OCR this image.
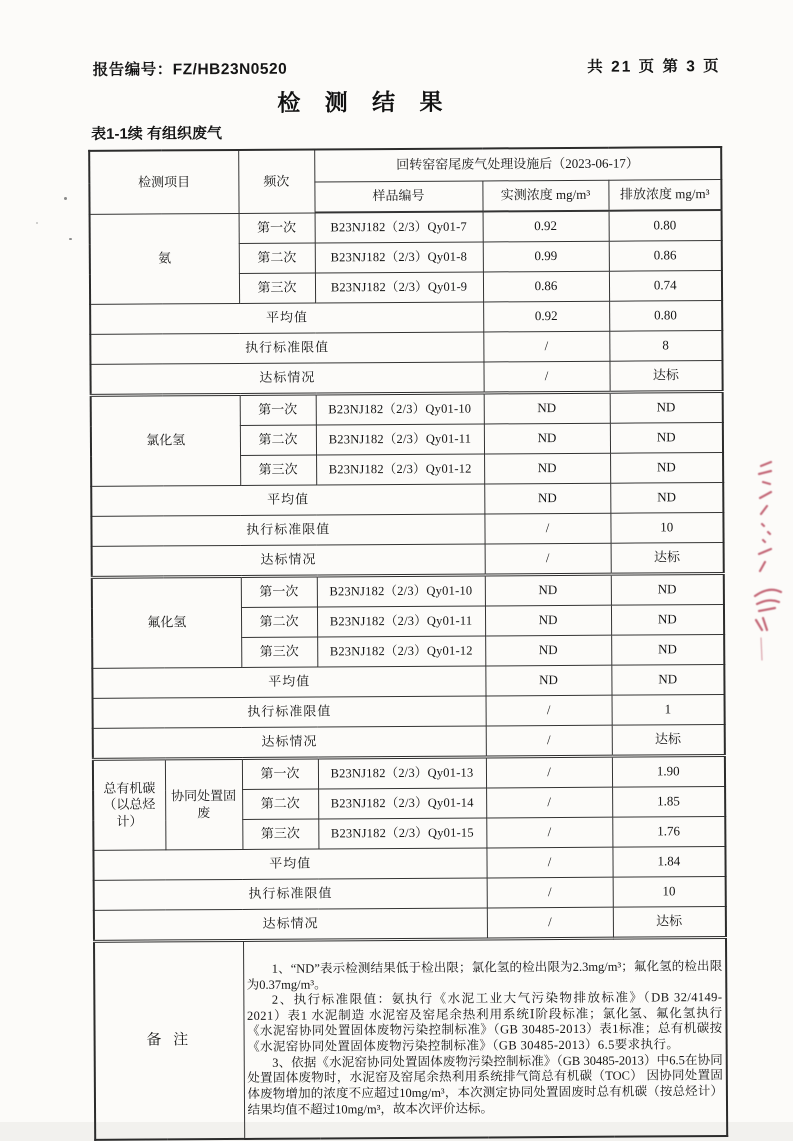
报告编号：FZ/HB23N0520	共 21 页 第 3 页
检 测 结 果
表1-1续 有组织废气
检测项目		频次	回转窑窑尾废气处理设施后（2023-06-17）		
			样品编号	实测浓度 mg/m³	排放浓度 mg/m³
氨		第一次	B23NJ182（2/3）Qy01-7	0.92	0.80
		第二次	B23NJ182（2/3）Qy01-8	0.99	0.86
		第三次	B23NJ182（2/3）Qy01-9	0.86	0.74
平均值				0.92	0.80
执行标准限值				/	8
达标情况				/	达标
氯化氢		第一次	B23NJ182（2/3）Qy01-10	ND	ND
		第二次	B23NJ182（2/3）Qy01-11	ND	ND
		第三次	B23NJ182（2/3）Qy01-12	ND	ND
平均值				ND	ND
执行标准限值				/	10
达标情况				/	达标
氟化氢		第一次	B23NJ182（2/3）Qy01-10	ND	ND
		第二次	B23NJ182（2/3）Qy01-11	ND	ND
		第三次	B23NJ182（2/3）Qy01-12	ND	ND
平均值				ND	ND
执行标准限值				/	1
达标情况				/	达标
总有机碳（以总烃计）	协同处置固废	第一次	B23NJ182（2/3）Qy01-13	/	1.90
		第二次	B23NJ182（2/3）Qy01-14	/	1.85
		第三次	B23NJ182（2/3）Qy01-15	/	1.76
平均值				/	1.84
执行标准限值				/	10
达标情况				/	达标
备 注		1、“ND”表示检测结果低于检出限；氯化氢的检出限为2.3mg/m³；氟化氢的检出限为0.37mg/m³。

2、执行标准限值：氨执行《水泥工业大气污染物排放标准》（DB 32/4149-2021）表1 水泥制造 水泥窑及窑尾余热利用系统Ⅰ阶段标准；氯化氢、氟化氢执行《水泥窑协同处置固体废物污染控制标准》（GB 30485-2013）表1标准；总有机碳按《水泥窑协同处置固体废物污染控制标准》（GB 30485-2013）6.5要求执行。

3、依据《水泥窑协同处置固体废物污染控制标准》（GB 30485-2013）中6.5在协同处置固体废物时，水泥窑及窑尾余热利用系统排气筒总有机碳（TOC） 因协同处置固体废物增加的浓度不应超过10mg/m³，本次测定协同处置固废时总有机碳（按总烃计）结果均值不超过10mg/m³，故本次评价达标。			
